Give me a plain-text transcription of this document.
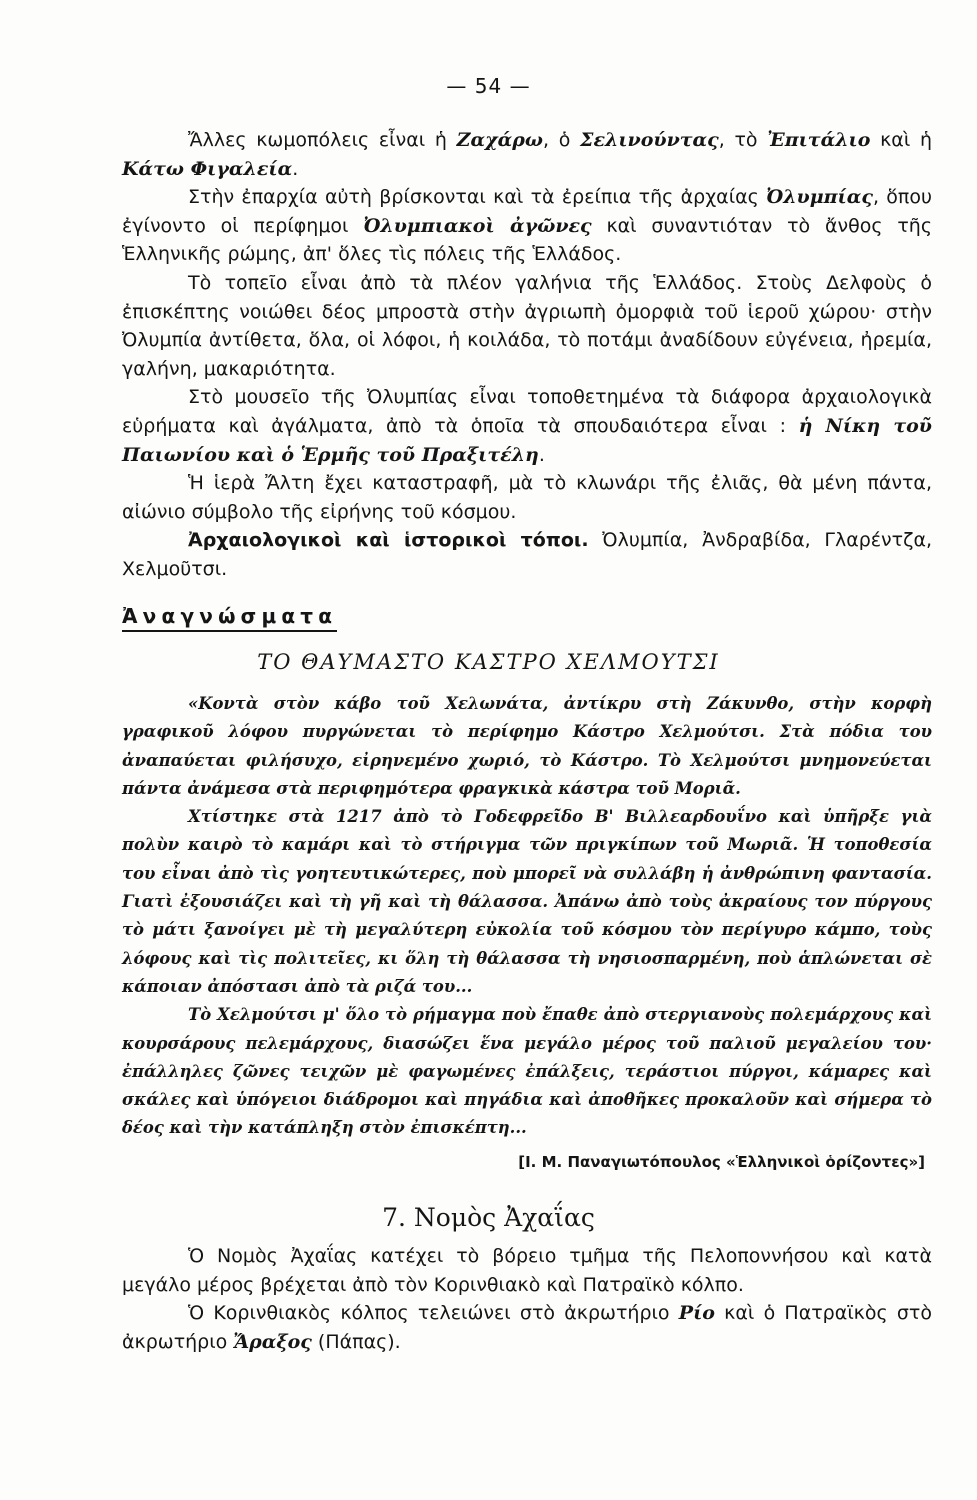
— 54 —

Ἄλλες κωμοπόλεις εἶναι ἡ Ζαχάρω, ὁ Σελινούντας, τὸ Ἐπιτάλιο καὶ ἡ Κάτω Φιγαλεία.

Στὴν ἐπαρχία αὐτὴ βρίσκονται καὶ τὰ ἐρείπια τῆς ἀρχαίας Ὀλυμπίας, ὅπου ἐγίνοντο οἱ περίφημοι Ὀλυμπιακοὶ ἀγῶνες καὶ συναντιόταν τὸ ἄνθος τῆς Ἑλληνικῆς ρώμης, ἀπ' ὅλες τὶς πόλεις τῆς Ἑλλάδος.

Τὸ τοπεῖο εἶναι ἀπὸ τὰ πλέον γαλήνια τῆς Ἑλλάδος. Στοὺς Δελφοὺς ὁ ἐπισκέπτης νοιώθει δέος μπροστὰ στὴν ἀγριωπὴ ὀμορφιὰ τοῦ ἱεροῦ χώρου· στὴν Ὀλυμπία ἀντίθετα, ὅλα, οἱ λόφοι, ἡ κοιλάδα, τὸ ποτάμι ἀναδίδουν εὐγένεια, ἠρεμία, γαλήνη, μακαριότητα.

Στὸ μουσεῖο τῆς Ὀλυμπίας εἶναι τοποθετημένα τὰ διάφορα ἀρχαιολογικὰ εὑρήματα καὶ ἀγάλματα, ἀπὸ τὰ ὁποῖα τὰ σπουδαιότερα εἶναι : ἡ Νίκη τοῦ Παιωνίου καὶ ὁ Ἑρμῆς τοῦ Πραξιτέλη.

Ἡ ἱερὰ Ἄλτη ἔχει καταστραφῆ, μὰ τὸ κλωνάρι τῆς ἐλιᾶς, θὰ μένη πάντα, αἰώνιο σύμβολο τῆς εἰρήνης τοῦ κόσμου.

Ἀρχαιολογικοὶ καὶ ἱστορικοὶ τόποι. Ὀλυμπία, Ἀνδραβίδα, Γλαρέντζα, Χελμοῦτσι.

Ἀναγνώσματα
ΤΟ ΘΑΥΜΑΣΤΟ ΚΑΣΤΡΟ ΧΕΛΜΟΥΤΣΙ

«Κοντὰ στὸν κάβο τοῦ Χελωνάτα, ἀντίκρυ στὴ Ζάκυνθο, στὴν κορφὴ γραφικοῦ λόφου πυργώνεται τὸ περίφημο Κάστρο Χελμούτσι. Στὰ πόδια του ἀναπαύεται φιλήσυχο, εἰρηνεμένο χωριό, τὸ Κάστρο. Τὸ Χελμούτσι μνημονεύεται πάντα ἀνάμεσα στὰ περιφημότερα φραγκικὰ κάστρα τοῦ Μοριᾶ.

Χτίστηκε στὰ 1217 ἀπὸ τὸ Γοδεφρεῖδο Β' Βιλλεαρδουΐνο καὶ ὑπῆρξε γιὰ πολὺν καιρὸ τὸ καμάρι καὶ τὸ στήριγμα τῶν πριγκίπων τοῦ Μωριᾶ. Ἡ τοποθεσία του εἶναι ἀπὸ τὶς γοητευτικώτερες, ποὺ μπορεῖ νὰ συλλάβη ἡ ἀνθρώπινη φαντασία. Γιατὶ ἐξουσιάζει καὶ τὴ γῆ καὶ τὴ θάλασσα. Ἀπάνω ἀπὸ τοὺς ἀκραίους τον πύργους τὸ μάτι ξανοίγει μὲ τὴ μεγαλύτερη εὐκολία τοῦ κόσμου τὸν περίγυρο κάμπο, τοὺς λόφους καὶ τὶς πολιτεῖες, κι ὅλη τὴ θάλασσα τὴ νησιοσπαρμένη, ποὺ ἁπλώνεται σὲ κάποιαν ἀπόστασι ἀπὸ τὰ ριζά του...

Τὸ Χελμούτσι μ' ὅλο τὸ ρήμαγμα ποὺ ἔπαθε ἀπὸ στεργιανοὺς πολεμάρχους καὶ κουρσάρους πελεμάρχους, διασώζει ἕνα μεγάλο μέρος τοῦ παλιοῦ μεγαλείου του· ἐπάλληλες ζῶνες τειχῶν μὲ φαγωμένες ἐπάλξεις, τεράστιοι πύργοι, κάμαρες καὶ σκάλες καὶ ὑπόγειοι διάδρομοι καὶ πηγάδια καὶ ἀποθῆκες προκαλοῦν καὶ σήμερα τὸ δέος καὶ τὴν κατάπληξη στὸν ἐπισκέπτη...

[Ι. Μ. Παναγιωτόπουλος «Ἑλληνικοὶ ὁρίζοντες»]
7. Νομὸς Ἀχαΐας

Ὁ Νομὸς Ἀχαΐας κατέχει τὸ βόρειο τμῆμα τῆς Πελοποννήσου καὶ κατὰ μεγάλο μέρος βρέχεται ἀπὸ τὸν Κορινθιακὸ καὶ Πατραϊκὸ κόλπο.

Ὁ Κορινθιακὸς κόλπος τελειώνει στὸ ἀκρωτήριο Ρίο καὶ ὁ Πατραϊκὸς στὸ ἀκρωτήριο Ἄραξος (Πάπας).
